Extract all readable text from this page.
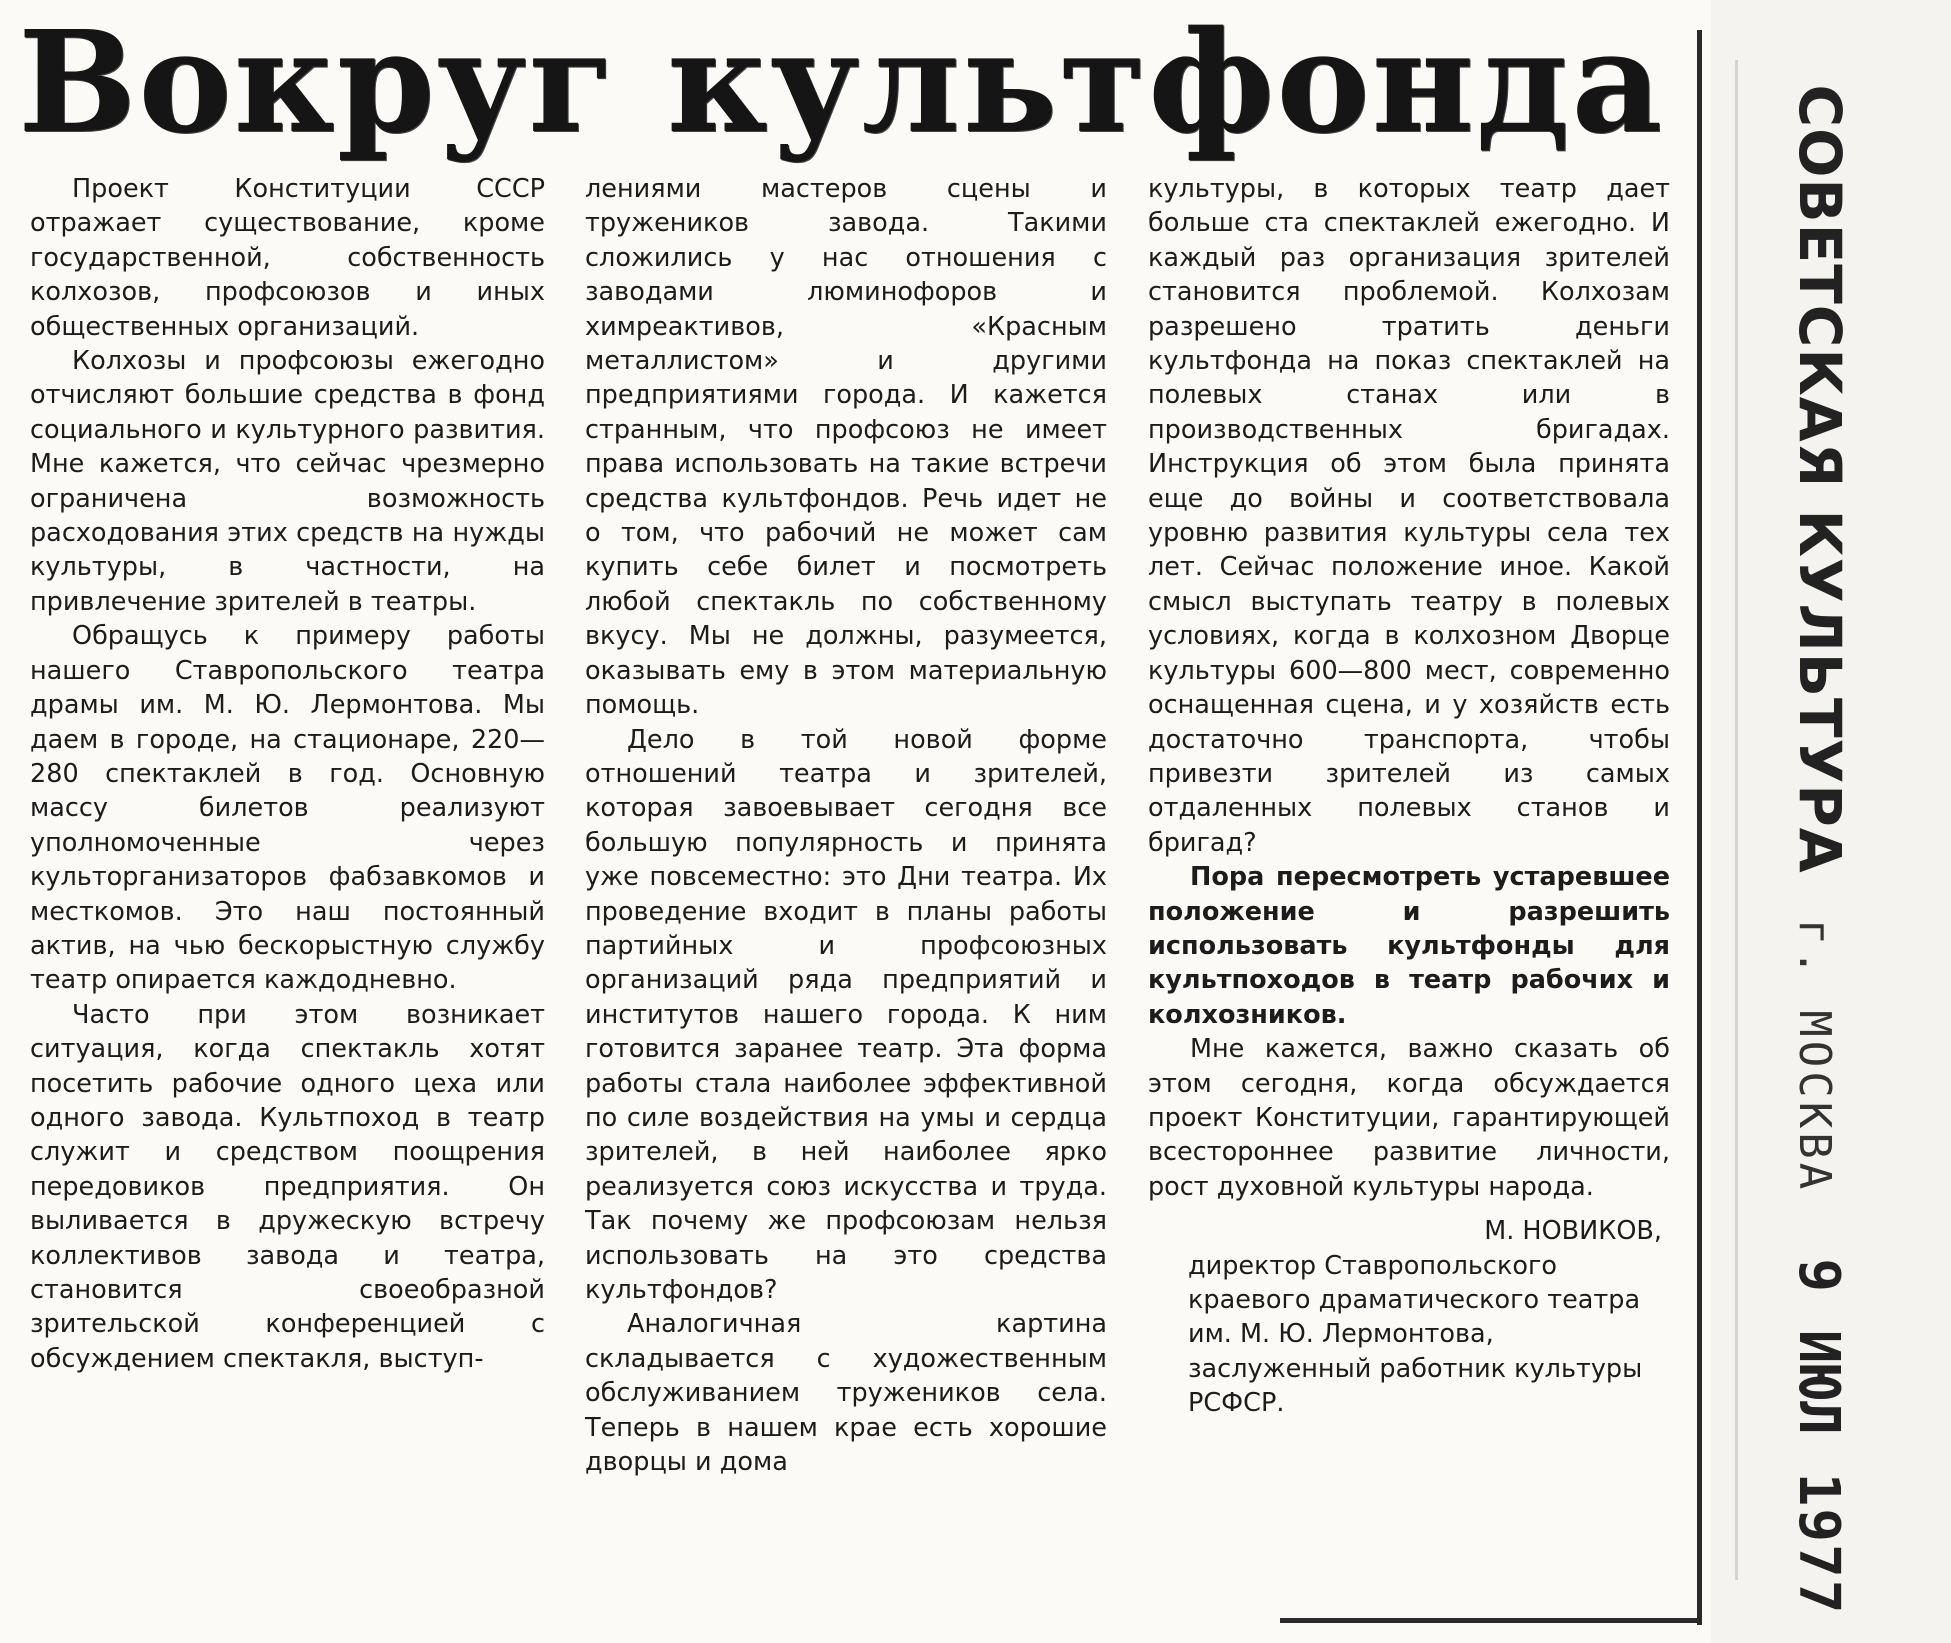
Вокруг культфонда

Проект Конституции СССР отражает существование, кроме государственной, собственность колхозов, профсоюзов и иных общественных организаций.

Колхозы и профсоюзы ежегодно отчисляют большие средства в фонд социального и культурного развития. Мне кажется, что сейчас чрезмерно ограничена возможность расходования этих средств на нужды культуры, в частности, на привлечение зрителей в театры.

Обращусь к примеру работы нашего Ставропольского театра драмы им. М. Ю. Лермонтова. Мы даем в городе, на стационаре, 220—280 спектаклей в год. Основную массу билетов реализуют уполномоченные через культорганизаторов фабзавкомов и месткомов. Это наш постоянный актив, на чью бескорыстную службу театр опирается каждодневно.

Часто при этом возникает ситуация, когда спектакль хотят посетить рабочие одного цеха или одного завода. Культпоход в театр служит и средством поощрения передовиков предприятия. Он выливается в дружескую встречу коллективов завода и театра, становится своеобразной зрительской конференцией с обсуждением спектакля, выступ-

лениями мастеров сцены и тружеников завода. Такими сложились у нас отношения с заводами люминофоров и химреактивов, «Красным металлистом» и другими предприятиями города. И кажется странным, что профсоюз не имеет права использовать на такие встречи средства культфондов. Речь идет не о том, что рабочий не может сам купить себе билет и посмотреть любой спектакль по собственному вкусу. Мы не должны, разумеется, оказывать ему в этом материальную помощь.

Дело в той новой форме отношений театра и зрителей, которая завоевывает сегодня все большую популярность и принята уже повсеместно: это Дни театра. Их проведение входит в планы работы партийных и профсоюзных организаций ряда предприятий и институтов нашего города. К ним готовится заранее театр. Эта форма работы стала наиболее эффективной по силе воздействия на умы и сердца зрителей, в ней наиболее ярко реализуется союз искусства и труда. Так почему же профсоюзам нельзя использовать на это средства культфондов?

Аналогичная картина складывается с художественным обслуживанием тружеников села. Теперь в нашем крае есть хорошие дворцы и дома

культуры, в которых театр дает больше ста спектаклей ежегодно. И каждый раз организация зрителей становится проблемой. Колхозам разрешено тратить деньги культфонда на показ спектаклей на полевых станах или в производственных бригадах. Инструкция об этом была принята еще до войны и соответствовала уровню развития культуры села тех лет. Сейчас положение иное. Какой смысл выступать театру в полевых условиях, когда в колхозном Дворце культуры 600—800 мест, современно оснащенная сцена, и у хозяйств есть достаточно транспорта, чтобы привезти зрителей из самых отдаленных полевых станов и бригад?

Пора пересмотреть устаревшее положение и разрешить использовать культфонды для культпоходов в театр рабочих и колхозников.

Мне кажется, важно сказать об этом сегодня, когда обсуждается проект Конституции, гарантирующей всестороннее развитие личности, рост духовной культуры народа.

М. НОВИКОВ,

директор Ставропольского краевого драматического театра им. М. Ю. Лермонтова, заслуженный работник культуры РСФСР.

СОВЕТСКАЯ КУЛЬТУРА г. МОСКВА 9 ИЮЛ 1977
